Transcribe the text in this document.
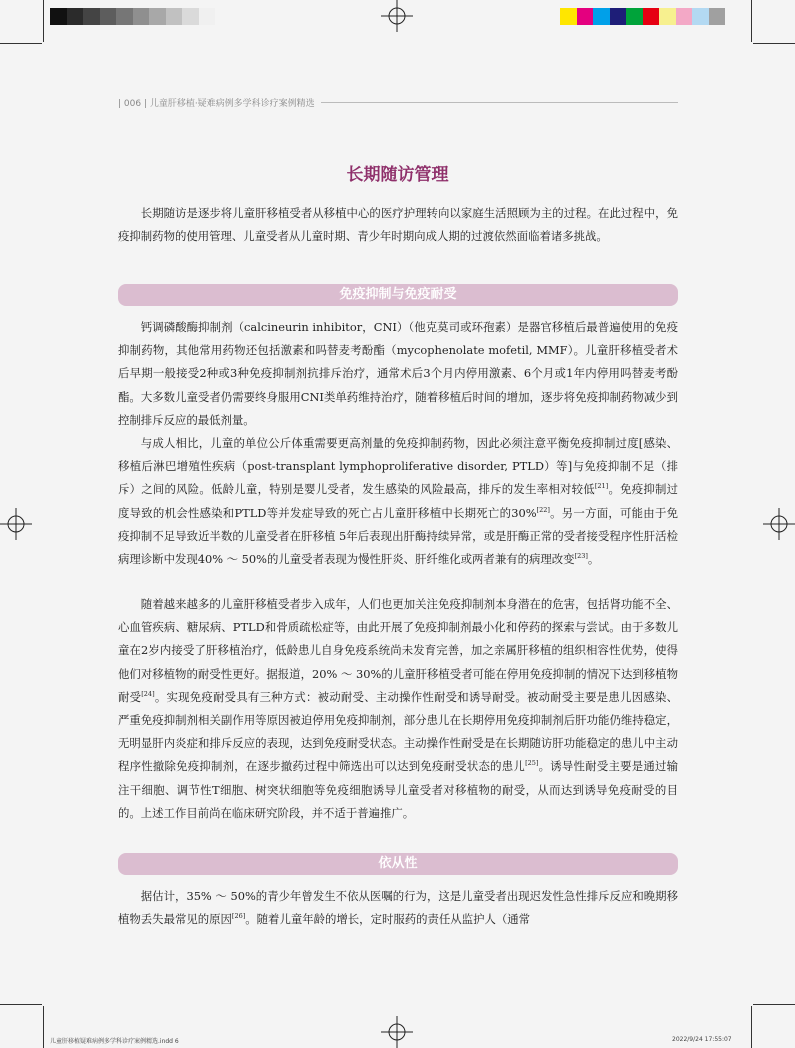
| 006 | 儿童肝移植·疑难病例多学科诊疗案例精选
长期随访管理

长期随访是逐步将儿童肝移植受者从移植中心的医疗护理转向以家庭生活照顾为主的过程。在此过程中，免疫抑制药物的使用管理、儿童受者从儿童时期、青少年时期向成人期的过渡依然面临着诸多挑战。

免疫抑制与免疫耐受

钙调磷酸酶抑制剂（calcineurin inhibitor，CNI）（他克莫司或环孢素）是器官移植后最普遍使用的免疫抑制药物，其他常用药物还包括激素和吗替麦考酚酯（mycophenolate mofetil, MMF）。儿童肝移植受者术后早期一般接受2种或3种免疫抑制剂抗排斥治疗，通常术后3个月内停用激素、6个月或1年内停用吗替麦考酚酯。大多数儿童受者仍需要终身服用CNI类单药维持治疗，随着移植后时间的增加，逐步将免疫抑制药物减少到控制排斥反应的最低剂量。

与成人相比，儿童的单位公斤体重需要更高剂量的免疫抑制药物，因此必须注意平衡免疫抑制过度[感染、移植后淋巴增殖性疾病（post-transplant lymphoproliferative disorder, PTLD）等]与免疫抑制不足（排斥）之间的风险。低龄儿童，特别是婴儿受者，发生感染的风险最高，排斥的发生率相对较低[21]。免疫抑制过度导致的机会性感染和PTLD等并发症导致的死亡占儿童肝移植中长期死亡的30%[22]。另一方面，可能由于免疫抑制不足导致近半数的儿童受者在肝移植 5年后表现出肝酶持续异常，或是肝酶正常的受者接受程序性肝活检病理诊断中发现40% ～ 50%的儿童受者表现为慢性肝炎、肝纤维化或两者兼有的病理改变[23]。

随着越来越多的儿童肝移植受者步入成年，人们也更加关注免疫抑制剂本身潜在的危害，包括肾功能不全、心血管疾病、糖尿病、PTLD和骨质疏松症等，由此开展了免疫抑制剂最小化和停药的探索与尝试。由于多数儿童在2岁内接受了肝移植治疗，低龄患儿自身免疫系统尚未发育完善，加之亲属肝移植的组织相容性优势，使得他们对移植物的耐受性更好。据报道，20% ～ 30%的儿童肝移植受者可能在停用免疫抑制的情况下达到移植物耐受[24]。实现免疫耐受具有三种方式：被动耐受、主动操作性耐受和诱导耐受。被动耐受主要是患儿因感染、严重免疫抑制剂相关副作用等原因被迫停用免疫抑制剂，部分患儿在长期停用免疫抑制剂后肝功能仍维持稳定，无明显肝内炎症和排斥反应的表现，达到免疫耐受状态。主动操作性耐受是在长期随访肝功能稳定的患儿中主动程序性撤除免疫抑制剂，在逐步撤药过程中筛选出可以达到免疫耐受状态的患儿[25]。诱导性耐受主要是通过输注干细胞、调节性T细胞、树突状细胞等免疫细胞诱导儿童受者对移植物的耐受，从而达到诱导免疫耐受的目的。上述工作目前尚在临床研究阶段，并不适于普遍推广。

依从性

据估计，35% ～ 50%的青少年曾发生不依从医嘱的行为，这是儿童受者出现迟发性急性排斥反应和晚期移植物丢失最常见的原因[26]。随着儿童年龄的增长，定时服药的责任从监护人（通常

儿童肝移植疑难病例多学科诊疗案例精选.indd 6	2022/9/24 17:55:07
